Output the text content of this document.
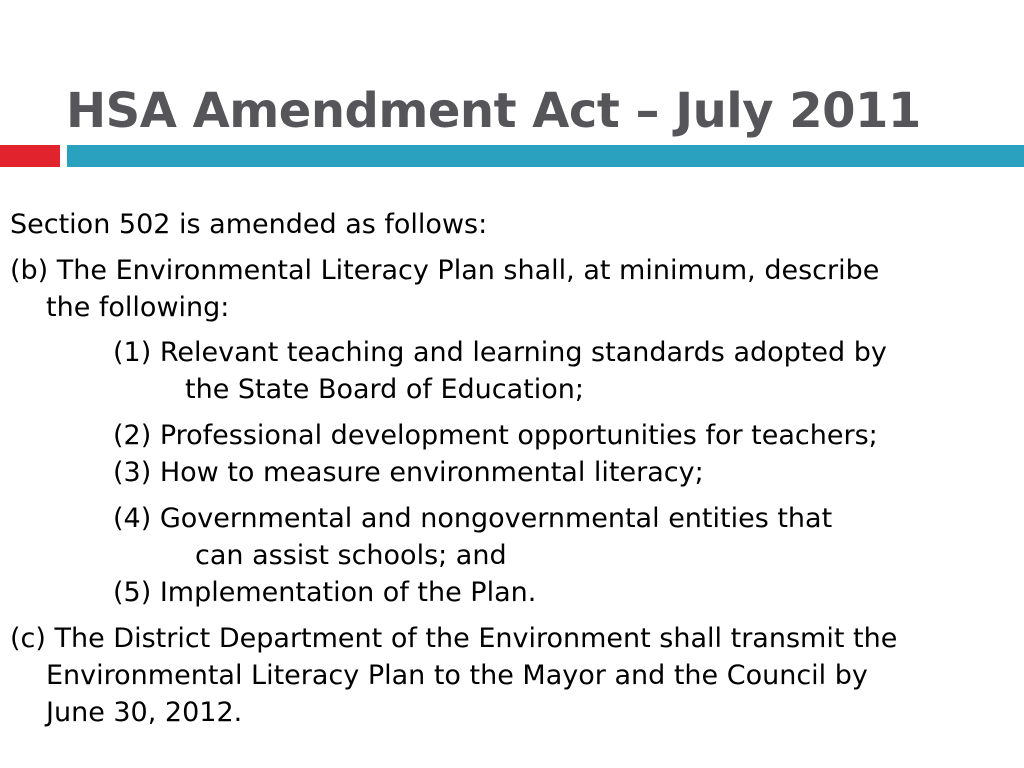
HSA Amendment Act – July 2011

Section 502 is amended as follows:

(b) The Environmental Literacy Plan shall, at minimum, describe
the following:

(1) Relevant teaching and learning standards adopted by
the State Board of Education;

(2) Professional development opportunities for teachers;

(3) How to measure environmental literacy;

(4) Governmental and nongovernmental entities that
can assist schools; and

(5) Implementation of the Plan.

(c) The District Department of the Environment shall transmit the
Environmental Literacy Plan to the Mayor and the Council by
June 30, 2012.
